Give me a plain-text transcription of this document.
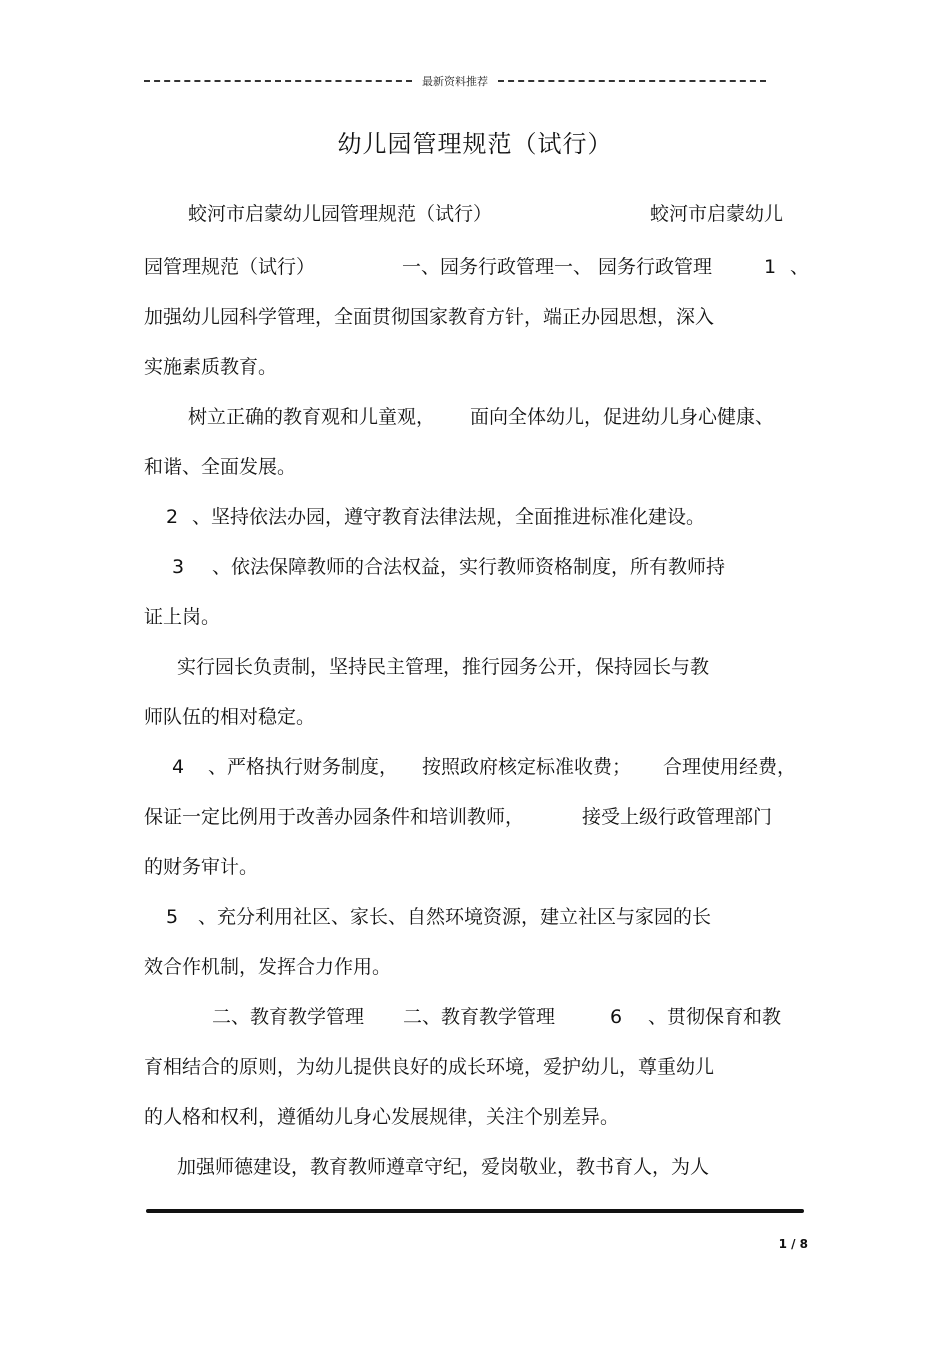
最新资料推荐
幼儿园管理规范（试行）
蛟河市启蒙幼儿园管理规范（试行）	蛟河市启蒙幼儿
园管理规范（试行）	一、园务行政管理一、 园务行政管理	1 、
加强幼儿园科学管理，全面贯彻国家教育方针，端正办园思想，深入
实施素质教育。
树立正确的教育观和儿童观， 面向全体幼儿，促进幼儿身心健康、
和谐、全面发展。
2 、坚持依法办园，遵守教育法律法规，全面推进标准化建设。
3 、依法保障教师的合法权益，实行教师资格制度，所有教师持
证上岗。
实行园长负责制，坚持民主管理，推行园务公开，保持园长与教
师队伍的相对稳定。
4 、严格执行财务制度， 按照政府核定标准收费； 合理使用经费，
保证一定比例用于改善办园条件和培训教师，	接受上级行政管理部门
的财务审计。
5 、充分利用社区、家长、自然环境资源，建立社区与家园的长
效合作机制，发挥合力作用。
二、教育教学管理 二、教育教学管理	6 、贯彻保育和教
育相结合的原则，为幼儿提供良好的成长环境，爱护幼儿，尊重幼儿
的人格和权利，遵循幼儿身心发展规律，关注个别差异。
加强师德建设，教育教师遵章守纪，爱岗敬业，教书育人，为人
1 / 8
